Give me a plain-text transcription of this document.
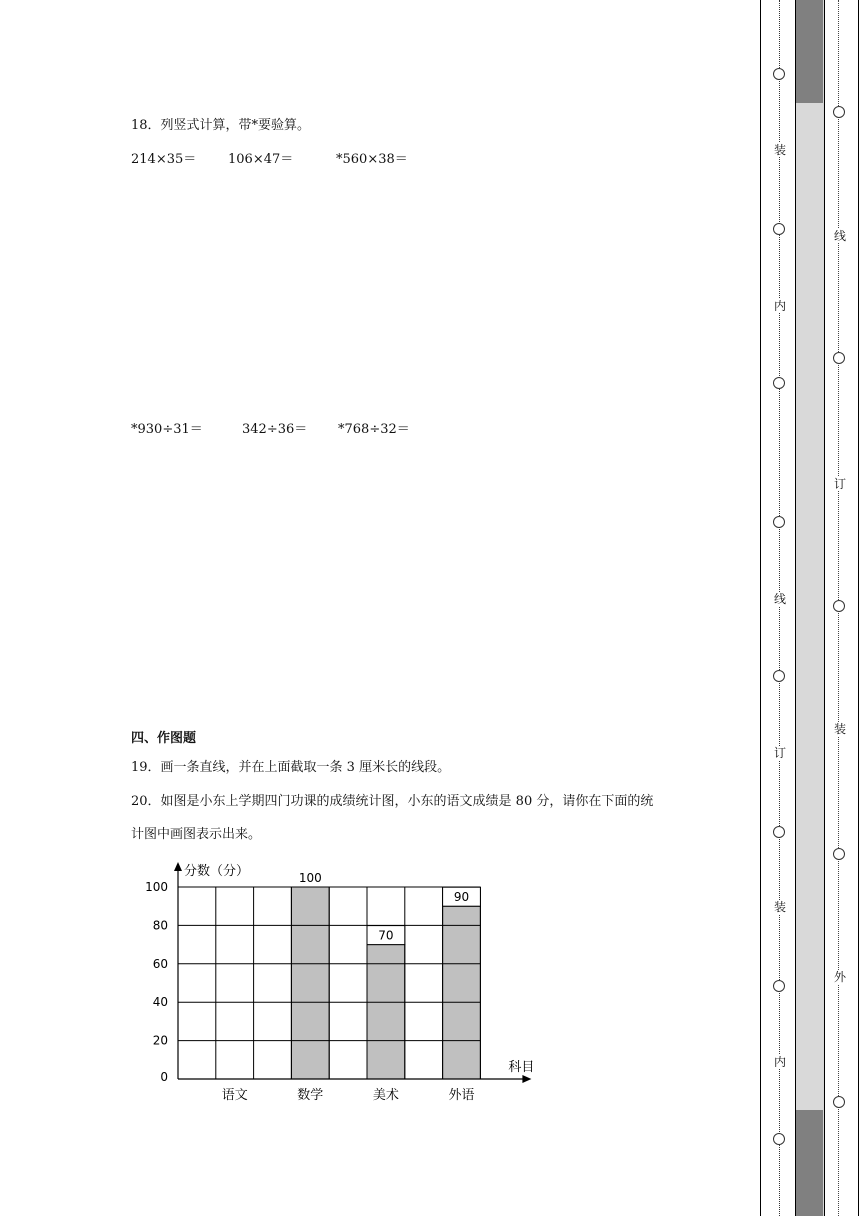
18．列竖式计算，带*要验算。
214×35＝ 106×47＝	*560×38＝
*930÷31＝	342÷36＝ *768÷32＝
四、作图题
19．画一条直线，并在上面截取一条 3 厘米长的线段。
20．如图是小东上学期四门功课的成绩统计图，小东的语文成绩是 80 分，请你在下面的统
计图中画图表示出来。
100
70
90
0
20
40
60
80
100
分数（分）
科目
语文	数学	美术	外语
装
内
线
订
装
内
线
订
装
外
